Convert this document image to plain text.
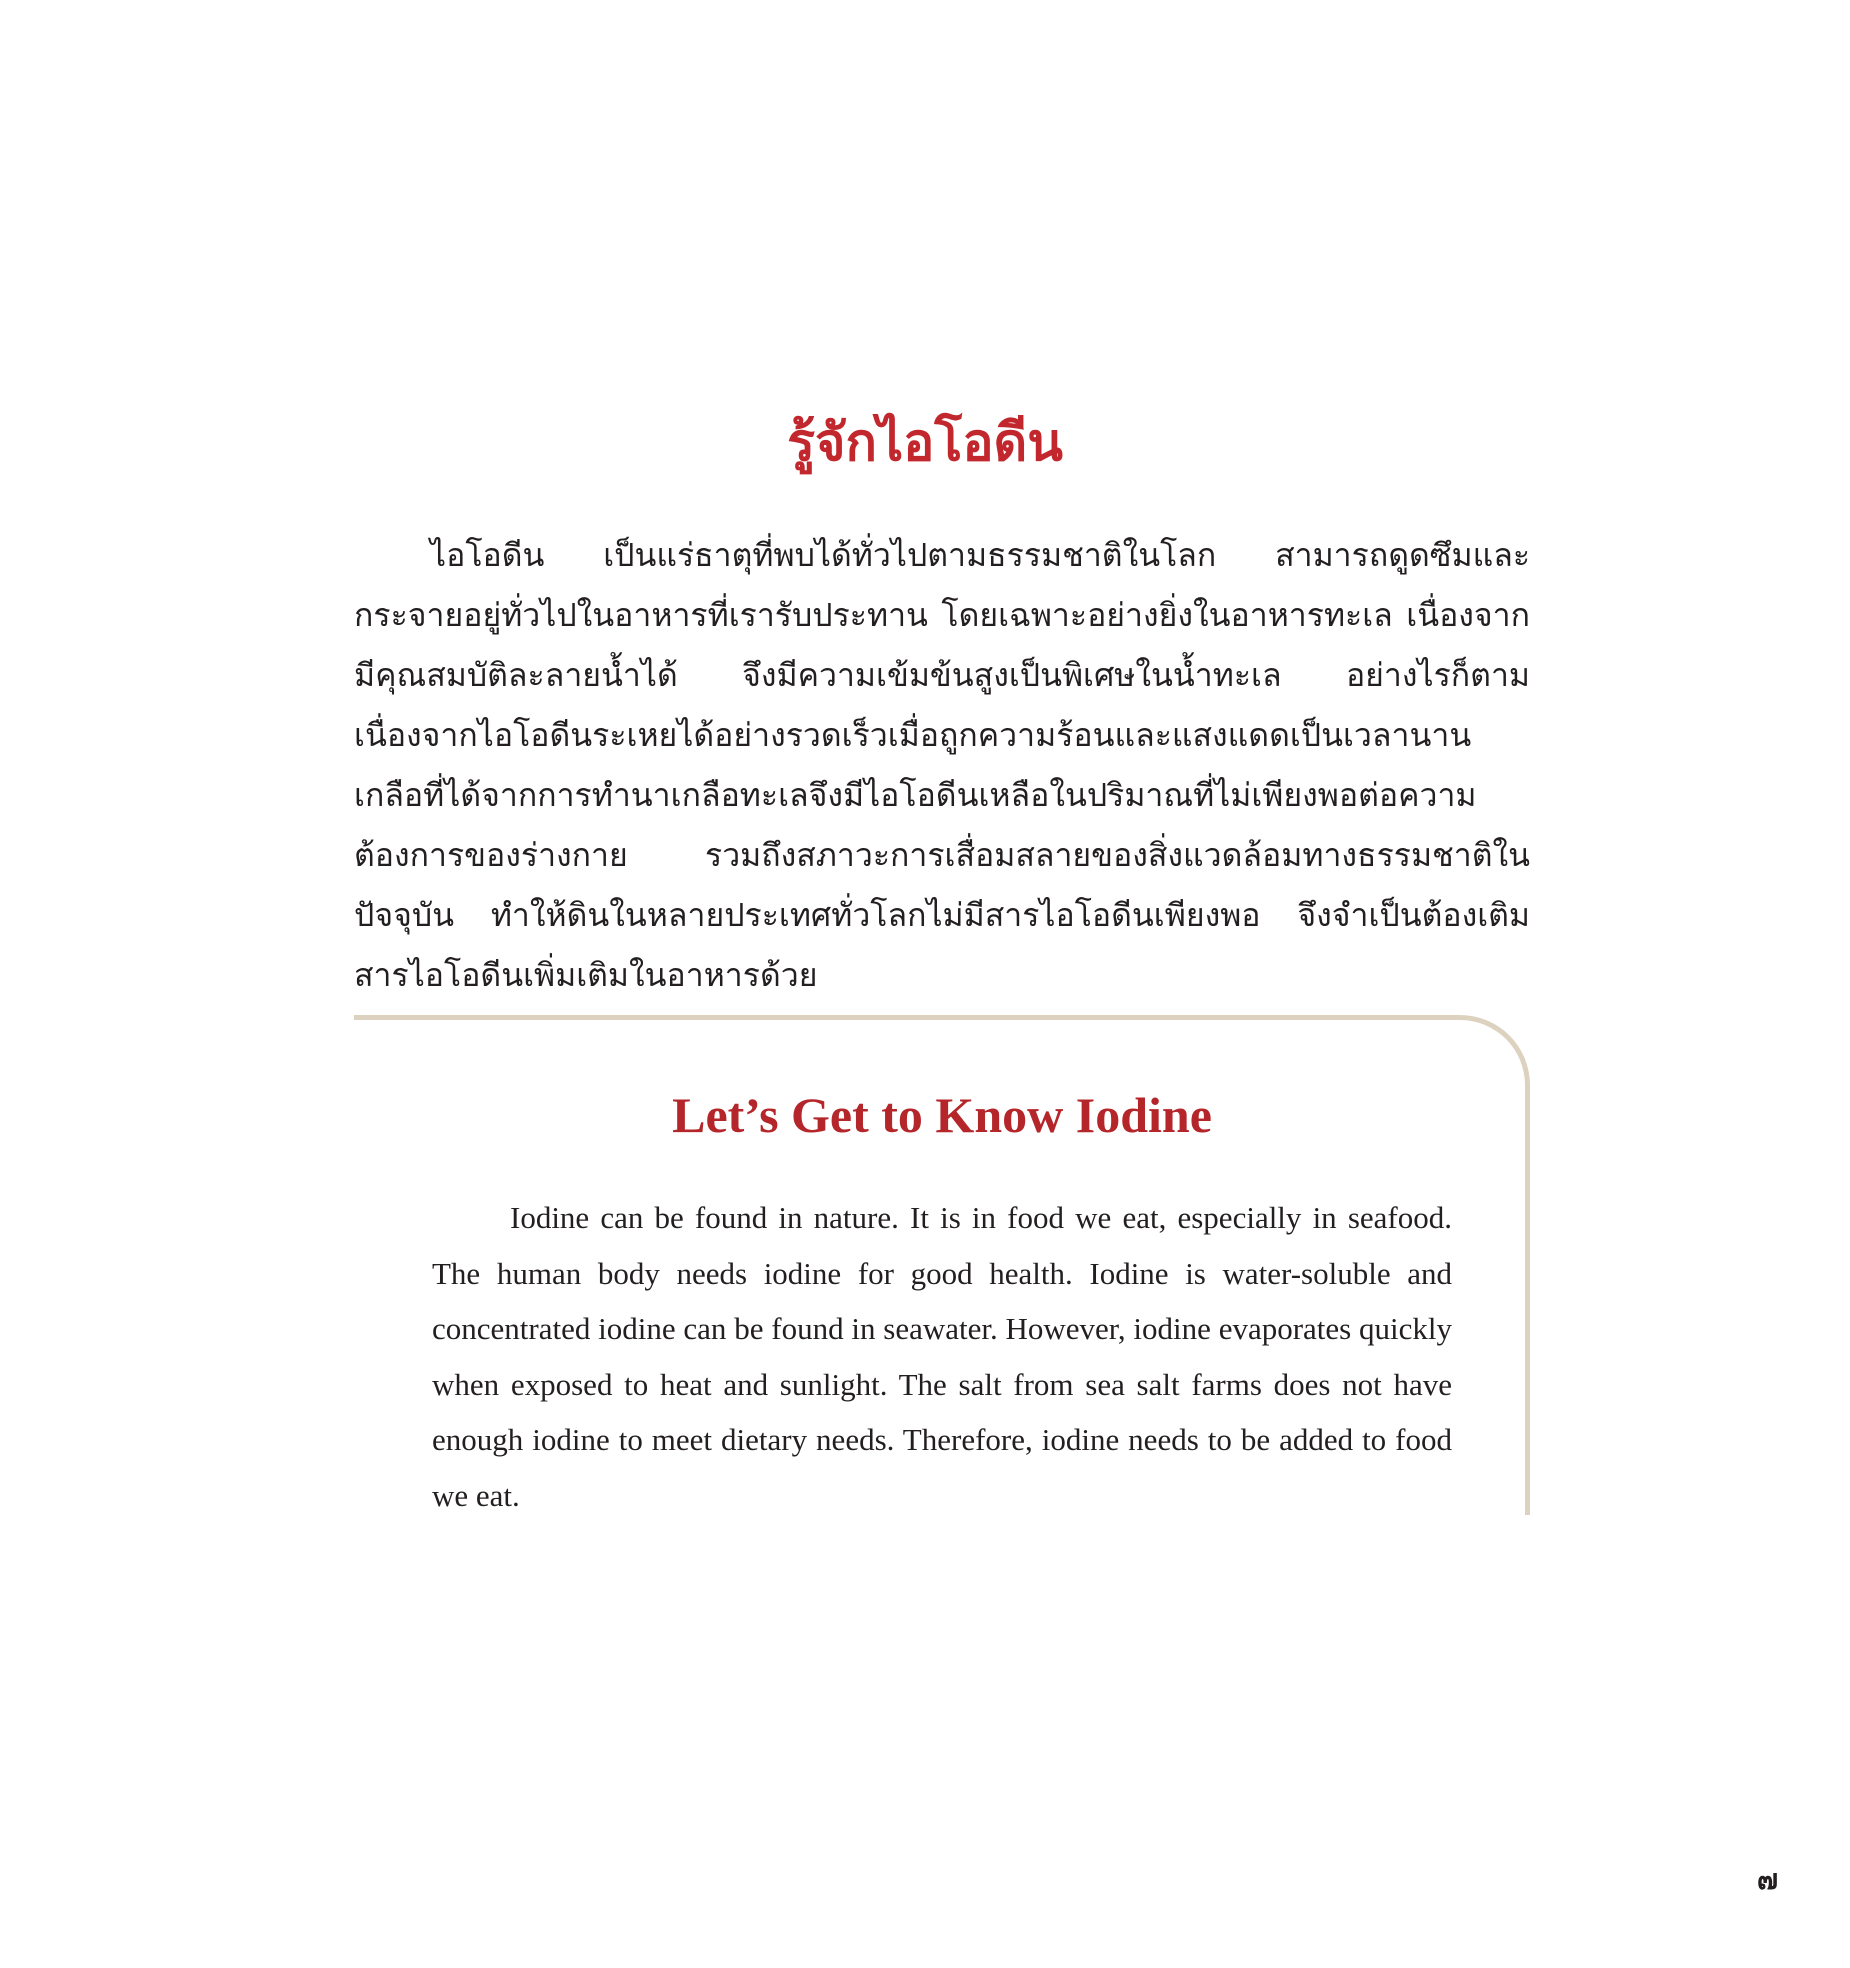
รู้จักไอโอดีน

ไอโอดีน เป็นแร่ธาตุที่พบได้ทั่วไปตามธรรมชาติในโลก สามารถดูดซึมและกระจายอยู่ทั่วไปในอาหารที่เรารับประทาน โดยเฉพาะอย่างยิ่งในอาหารทะเล เนื่องจากมีคุณสมบัติละลายน้ำได้ จึงมีความเข้มข้นสูงเป็นพิเศษในน้ำทะเล อย่างไรก็ตาม เนื่องจากไอโอดีนระเหยได้อย่างรวดเร็วเมื่อถูกความร้อนและแสงแดดเป็นเวลานาน เกลือที่ได้จากการทำนาเกลือทะเลจึงมีไอโอดีนเหลือในปริมาณที่ไม่เพียงพอต่อความต้องการของร่างกาย รวมถึงสภาวะการเสื่อมสลายของสิ่งแวดล้อมทางธรรมชาติในปัจจุบัน ทำให้ดินในหลายประเทศทั่วโลกไม่มีสารไอโอดีนเพียงพอ จึงจำเป็นต้องเติมสารไอโอดีนเพิ่มเติมในอาหารด้วย

Let’s Get to Know Iodine

Iodine can be found in nature. It is in food we eat, especially in seafood. The human body needs iodine for good health. Iodine is water-soluble and concentrated iodine can be found in seawater. However, iodine evaporates quickly when exposed to heat and sunlight. The salt from sea salt farms does not have enough iodine to meet dietary needs. Therefore, iodine needs to be added to food we eat.

๗
